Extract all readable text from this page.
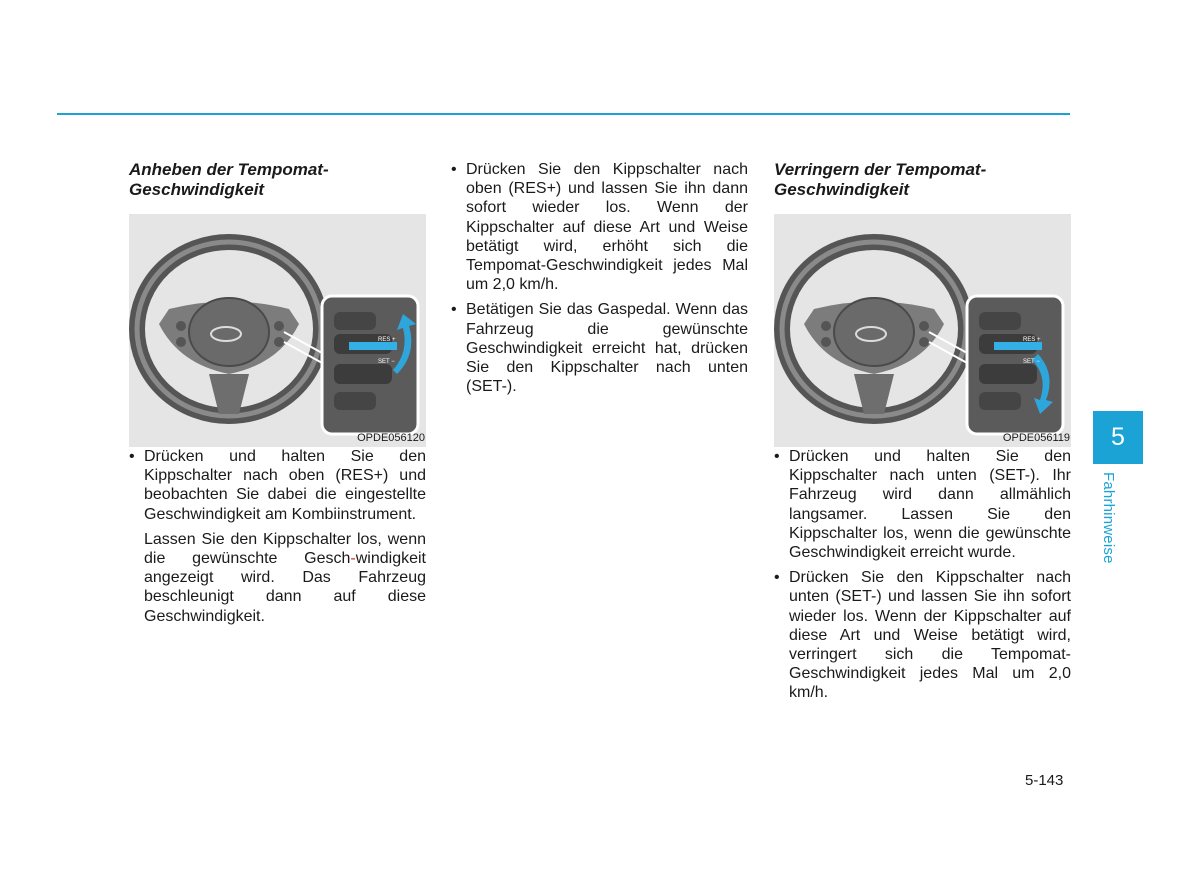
Anheben der Tempomat-Geschwindigkeit
RES +
SET −
OPDE056120
• Drücken und halten Sie den Kippschalter nach oben (RES+) und beobachten Sie dabei die eingestellte Geschwindigkeit am Kombiinstrument.

Lassen Sie den Kippschalter los, wenn die gewünschte Gesch-windigkeit angezeigt wird. Das Fahrzeug beschleunigt dann auf diese Geschwindigkeit.

• Drücken Sie den Kippschalter nach oben (RES+) und lassen Sie ihn dann sofort wieder los. Wenn der Kippschalter auf diese Art und Weise betätigt wird, erhöht sich die Tempomat-Geschwindigkeit jedes Mal um 2,0 km/h.
• Betätigen Sie das Gaspedal. Wenn das Fahrzeug die gewünschte Geschwindigkeit erreicht hat, drücken Sie den Kippschalter nach unten (SET-).
Verringern der Tempomat-Geschwindigkeit
RES +
SET −
OPDE056119
• Drücken und halten Sie den Kippschalter nach unten (SET-). Ihr Fahrzeug wird dann allmählich langsamer. Lassen Sie den Kippschalter los, wenn die gewünschte Geschwindigkeit erreicht wurde.
• Drücken Sie den Kippschalter nach unten (SET-) und lassen Sie ihn sofort wieder los. Wenn der Kippschalter auf diese Art und Weise betätigt wird, verringert sich die Tempomat-Geschwindigkeit jedes Mal um 2,0 km/h.
5
Fahrhinweise
5-143
